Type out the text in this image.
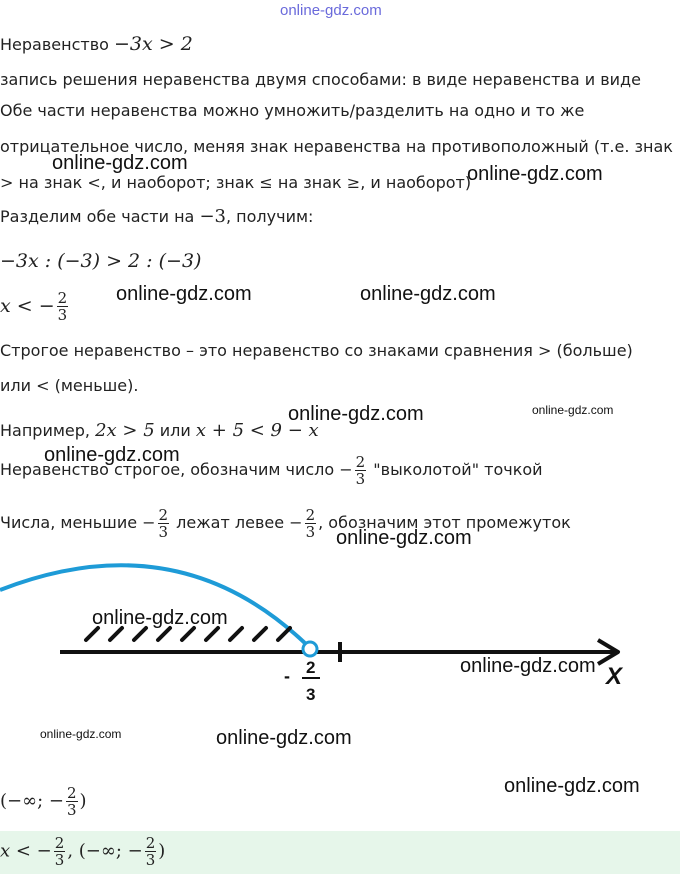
online-gdz.com
Неравенство −3x > 2
запись решения неравенства двумя способами: в виде неравенства и виде
Обе части неравенства можно умножить/разделить на одно и то же
отрицательное число, меняя знак неравенства на противоположный (т.е. знак
> на знак <, и наоборот; знак ≤ на знак ≥, и наоборот)
Разделим обе части на −3, получим:
−3x : (−3) > 2 : (−3)
x < − $\frac{2}{3}$
Строгое неравенство – это неравенство со знаками сравнения > (больше)
или < (меньше).
Например, 2x > 5 или x + 5 < 9 − x
Неравенство строгое, обозначим число − $\frac{2}{3}$ "выколотой" точкой
Числа, меньшие − $\frac{2}{3}$ лежат левее − $\frac{2}{3}$ , обозначим этот промежуток
X
- 2
3
(−∞; − $\frac{2}{3}$ )
x < − $\frac{2}{3}$ , (−∞; − $\frac{2}{3}$ )
online-gdz.com	online-gdz.com
online-gdz.com	online-gdz.com
online-gdz.com	online-gdz.com
online-gdz.com
online-gdz.com
online-gdz.com
online-gdz.com
online-gdz.com	online-gdz.com
online-gdz.com
